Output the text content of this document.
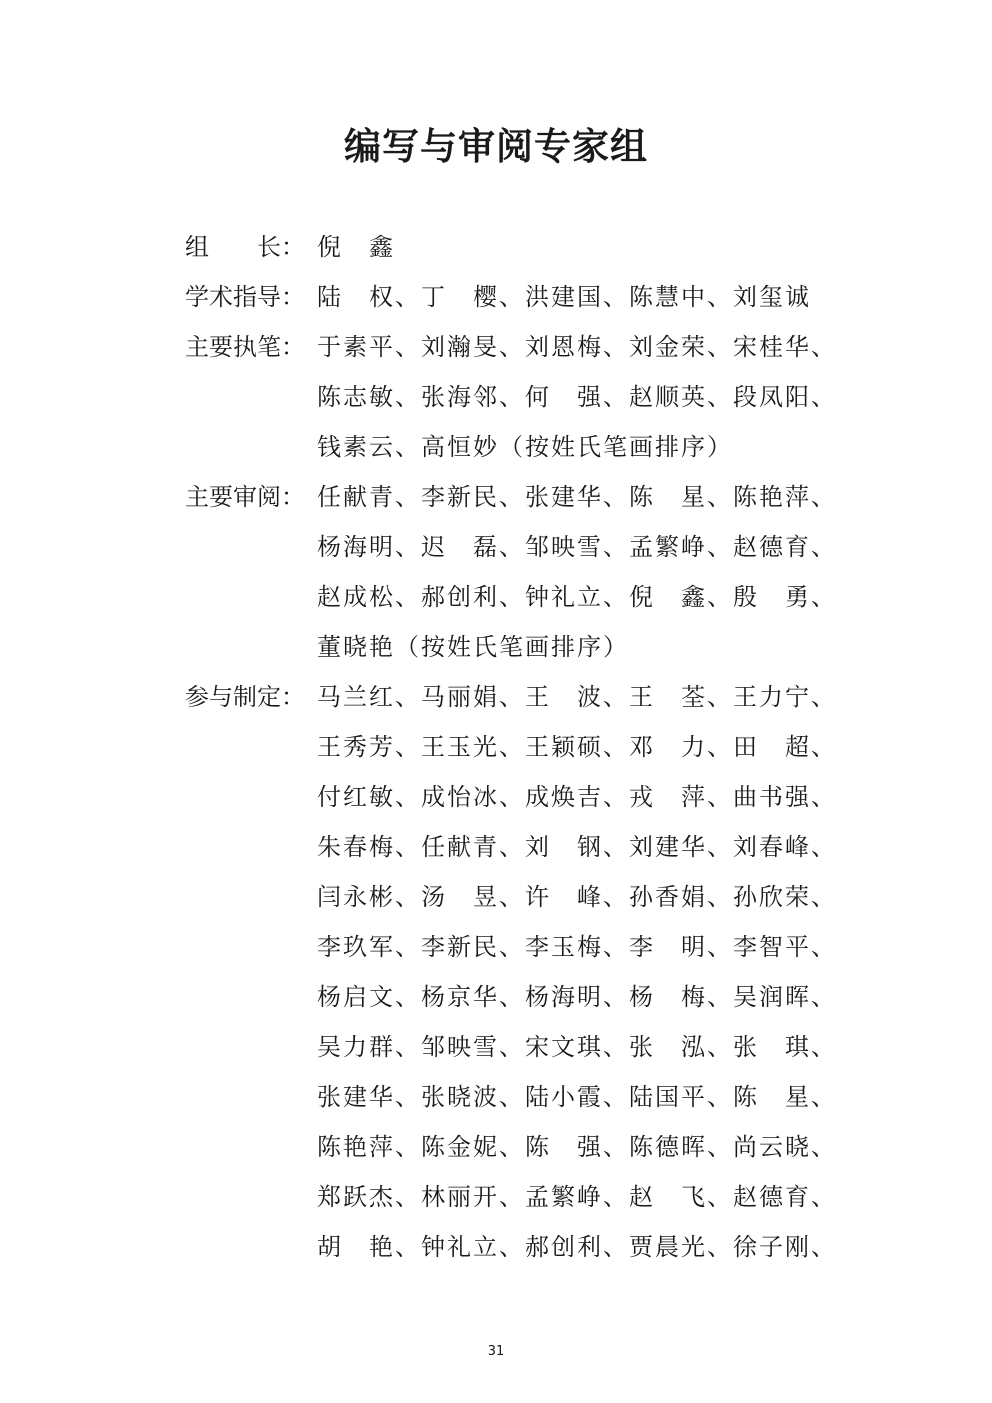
编写与审阅专家组
组　　长： 倪　鑫
学术指导： 陆　权、丁　樱、洪建国、陈慧中、刘玺诚
主要执笔： 于素平、刘瀚旻、刘恩梅、刘金荣、宋桂华、
陈志敏、张海邻、何　强、赵顺英、段凤阳、
钱素云、高恒妙（按姓氏笔画排序）
主要审阅： 任献青、李新民、张建华、陈　星、陈艳萍、
杨海明、迟　磊、邹映雪、孟繁峥、赵德育、
赵成松、郝创利、钟礼立、倪　鑫、殷　勇、
董晓艳（按姓氏笔画排序）
参与制定： 马兰红、马丽娟、王　波、王　荃、王力宁、
王秀芳、王玉光、王颖硕、邓　力、田　超、
付红敏、成怡冰、成焕吉、戎　萍、曲书强、
朱春梅、任献青、刘　钢、刘建华、刘春峰、
闫永彬、汤　昱、许　峰、孙香娟、孙欣荣、
李玖军、李新民、李玉梅、李　明、李智平、
杨启文、杨京华、杨海明、杨　梅、吴润晖、
吴力群、邹映雪、宋文琪、张　泓、张　琪、
张建华、张晓波、陆小霞、陆国平、陈　星、
陈艳萍、陈金妮、陈　强、陈德晖、尚云晓、
郑跃杰、林丽开、孟繁峥、赵　飞、赵德育、
胡　艳、钟礼立、郝创利、贾晨光、徐子刚、
31
